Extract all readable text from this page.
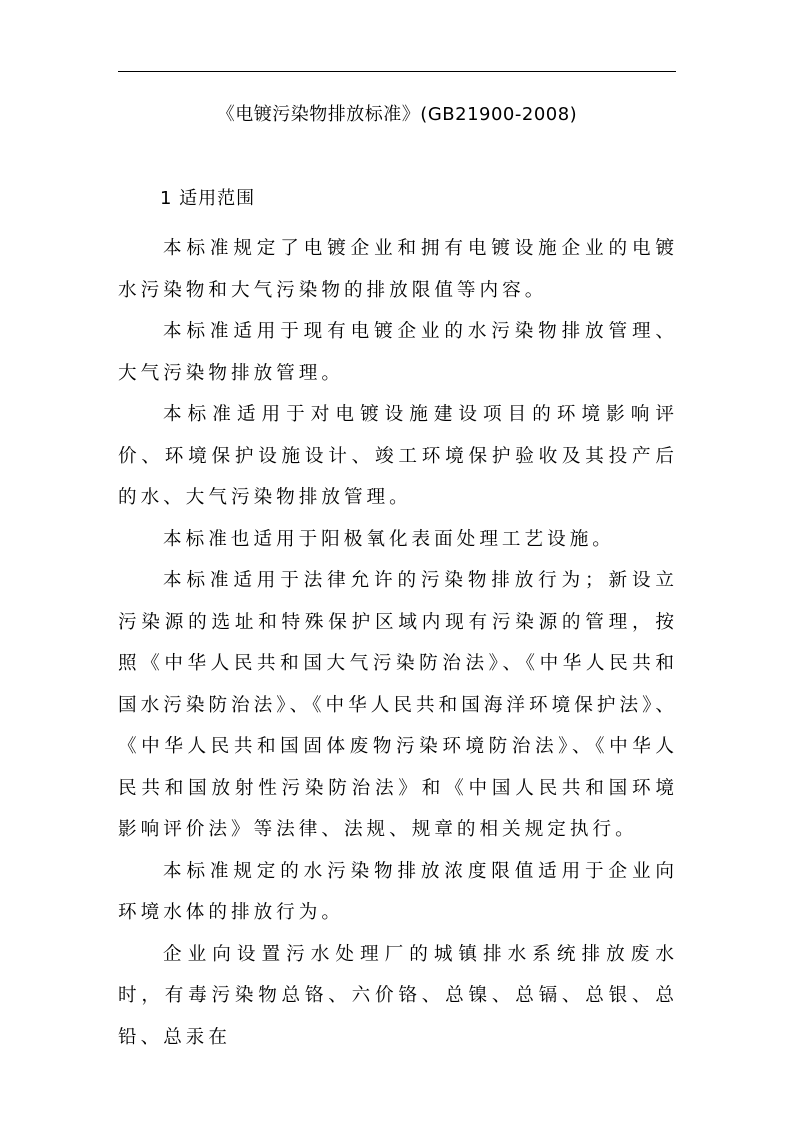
《电镀污染物排放标准》(GB21900-2008)
1 适用范围

本标准规定了电镀企业和拥有电镀设施企业的电镀水污染物和大气污染物的排放限值等内容。

本标准适用于现有电镀企业的水污染物排放管理、大气污染物排放管理。

本标准适用于对电镀设施建设项目的环境影响评价、环境保护设施设计、竣工环境保护验收及其投产后的水、大气污染物排放管理。

本标准也适用于阳极氧化表面处理工艺设施。

本标准适用于法律允许的污染物排放行为；新设立污染源的选址和特殊保护区域内现有污染源的管理，按照《中华人民共和国大气污染防治法》、《中华人民共和国水污染防治法》、《中华人民共和国海洋环境保护法》、《中华人民共和国固体废物污染环境防治法》、《中华人民共和国放射性污染防治法》和《中国人民共和国环境影响评价法》等法律、法规、规章的相关规定执行。

本标准规定的水污染物排放浓度限值适用于企业向环境水体的排放行为。

企业向设置污水处理厂的城镇排水系统排放废水时，有毒污染物总铬、六价铬、总镍、总镉、总银、总铅、总汞在
